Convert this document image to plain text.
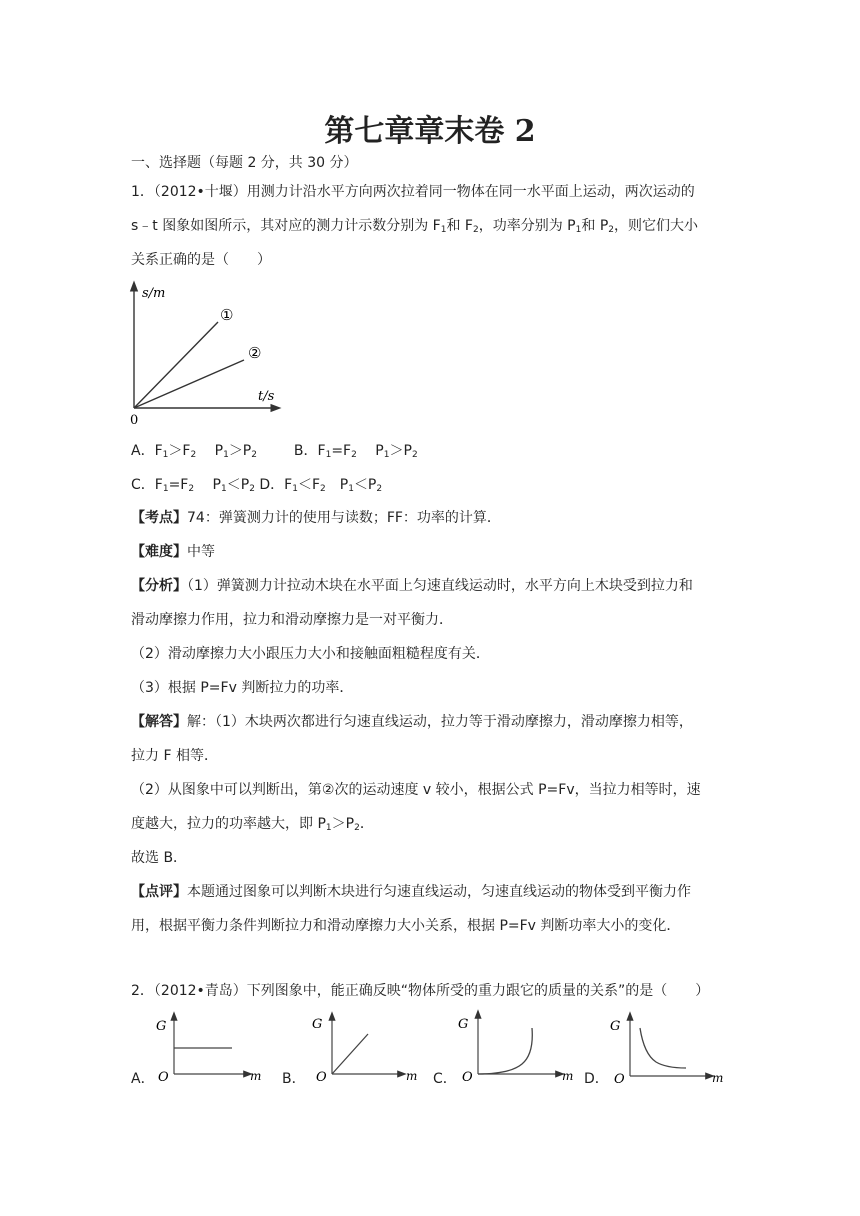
第七章章末卷 2
一、选择题（每题 2 分，共 30 分）
1．（2012•十堰）用测力计沿水平方向两次拉着同一物体在同一水平面上运动，两次运动的
s﹣t 图象如图所示，其对应的测力计示数分别为 $F_1$和 $F_2$，功率分别为 $P_1$和 $P_2$，则它们大小
关系正确的是（　　）
s/m
t/s
0
①
②
A．$F_1>F_2$　 $P_1>P_2$	B．$F_1=F_2$　 $P_1>P_2$
C．$F_1=F_2$　 $P_1<P_2$ D．$F_1<F_2$　$P_1<P_2$
【考点】74：弹簧测力计的使用与读数；FF：功率的计算．
【难度】中等
【分析】（1）弹簧测力计拉动木块在水平面上匀速直线运动时，水平方向上木块受到拉力和
滑动摩擦力作用，拉力和滑动摩擦力是一对平衡力．
（2）滑动摩擦力大小跟压力大小和接触面粗糙程度有关．
（3）根据 P=Fv 判断拉力的功率．
【解答】解：（1）木块两次都进行匀速直线运动，拉力等于滑动摩擦力，滑动摩擦力相等，
拉力 F 相等．
（2）从图象中可以判断出，第②次的运动速度 v 较小，根据公式 P=Fv，当拉力相等时，速
度越大，拉力的功率越大，即 $P_1>P_2$．
故选 B．
【点评】本题通过图象可以判断木块进行匀速直线运动，匀速直线运动的物体受到平衡力作
用，根据平衡力条件判断拉力和滑动摩擦力大小关系，根据 P=Fv 判断功率大小的变化．
2．（2012•青岛）下列图象中，能正确反映“物体所受的重力跟它的质量的关系”的是（　　）
A．	B．	C．	D．
G
m
O
G
m
O
G
m
O
G
m
O
